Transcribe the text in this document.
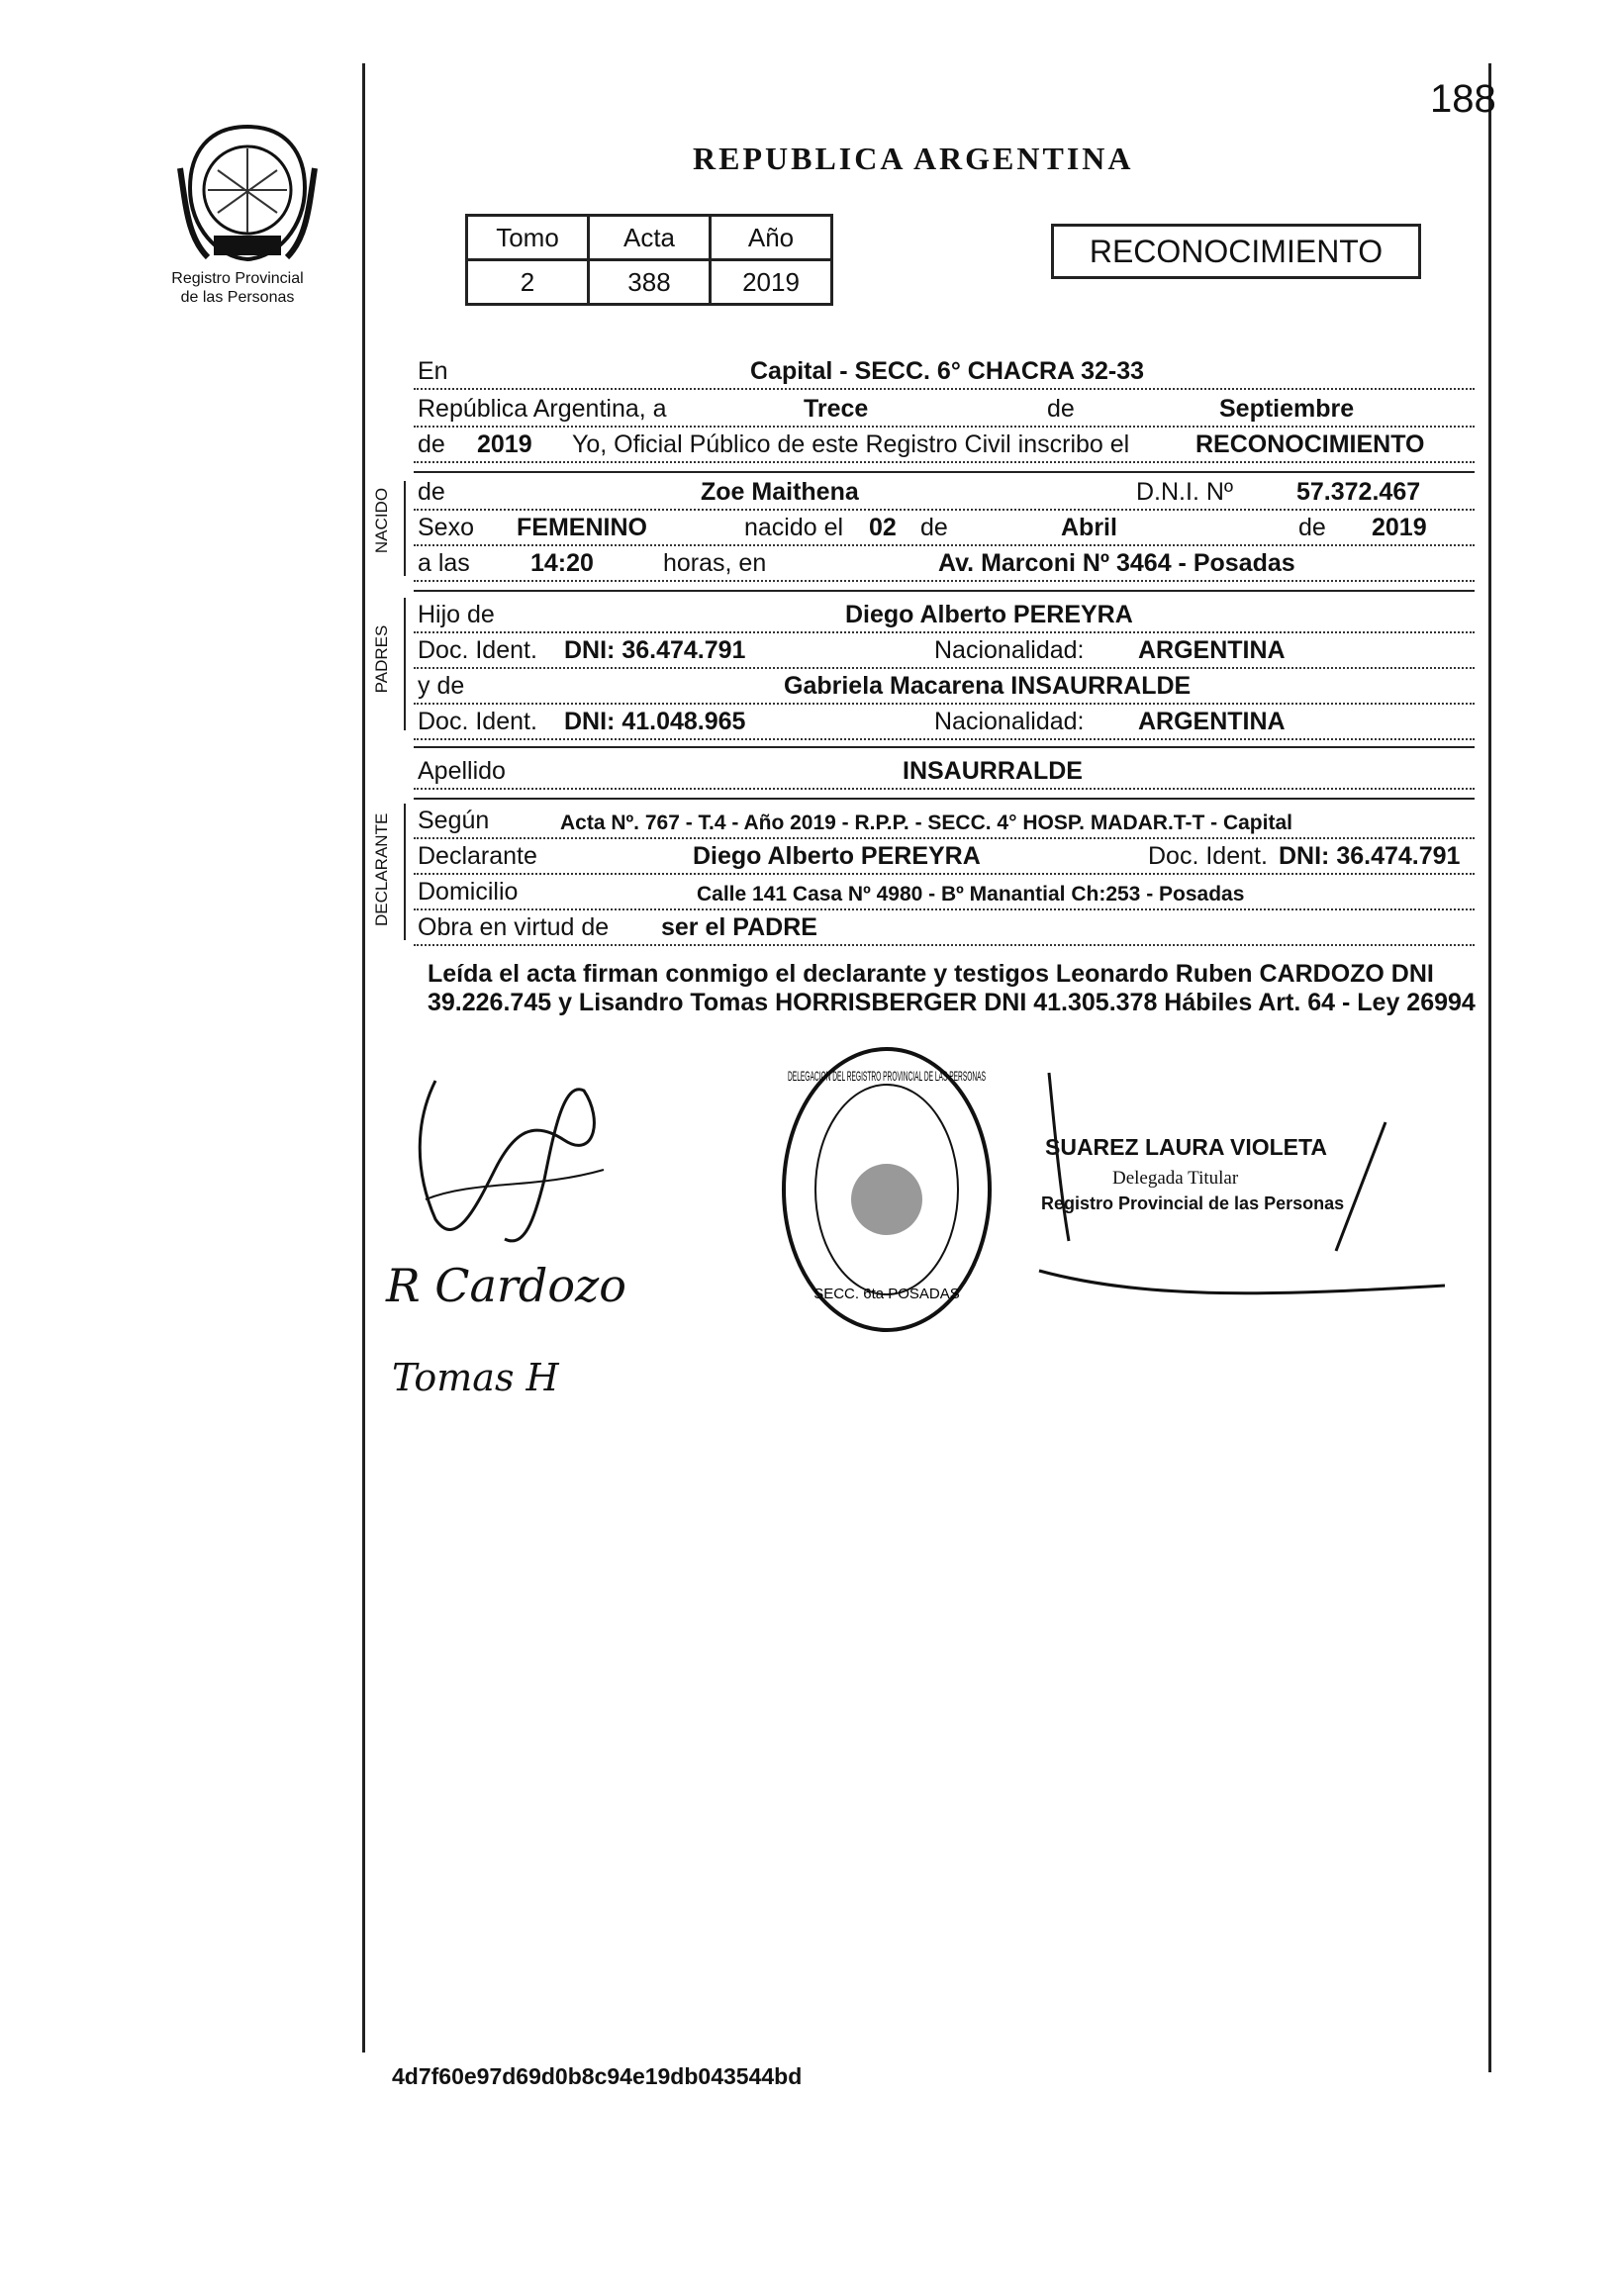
188
Registro Provincial
de las Personas
REPUBLICA ARGENTINA
Tomo	Acta	Año
2	388	2019
RECONOCIMIENTO
En	Capital - SECC. 6° CHACRA 32-33
República Argentina, a	Trece	de	Septiembre
de 2019 Yo, Oficial Público de este Registro Civil inscribo el	RECONOCIMIENTO
de	Zoe Maithena	D.N.I. Nº	57.372.467
Sexo FEMENINO	nacido el 02 de	Abril	de 2019
a las 14:20	horas, en	Av. Marconi Nº 3464 - Posadas
Hijo de	Diego Alberto PEREYRA
Doc. Ident. DNI: 36.474.791	Nacionalidad: ARGENTINA
y de	Gabriela Macarena INSAURRALDE
Doc. Ident. DNI: 41.048.965	Nacionalidad: ARGENTINA
Apellido	INSAURRALDE
Según	Acta Nº. 767 - T.4 - Año 2019 - R.P.P. - SECC. 4° HOSP. MADAR.T-T - Capital
Declarante	Diego Alberto PEREYRA	Doc. Ident. DNI: 36.474.791
Domicilio	Calle 141 Casa Nº 4980 - Bº Manantial Ch:253 - Posadas
Obra en virtud de ser el PADRE
NACIDO
PADRES
DECLARANTE
Leída el acta firman conmigo el declarante y testigos Leonardo Ruben CARDOZO DNI 39.226.745 y Lisandro Tomas HORRISBERGER DNI 41.305.378 Hábiles Art. 64 - Ley 26994
R Cardozo
Tomas H
DELEGACION DEL REGISTRO PROVINCIAL DE LAS PERSONAS
SECC. 6ta POSADAS
SUAREZ LAURA VIOLETA
Delegada Titular
Registro Provincial de las Personas
4d7f60e97d69d0b8c94e19db043544bd
